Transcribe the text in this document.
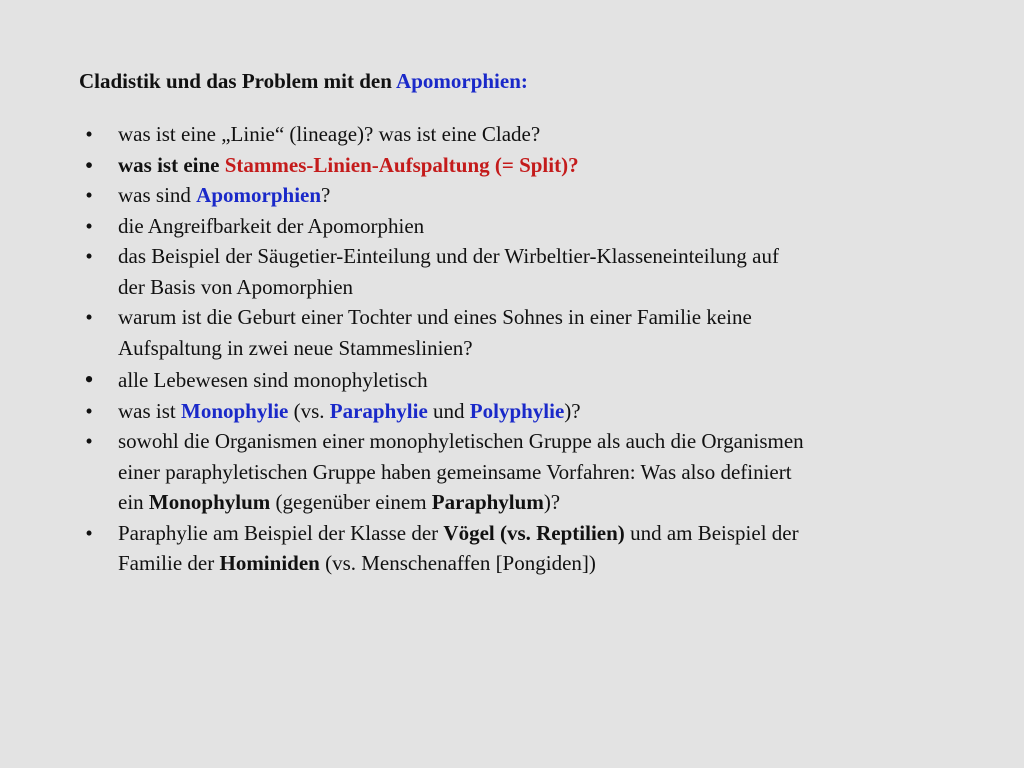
Cladistik und das Problem mit den Apomorphien:
•	was ist eine „Linie“ (lineage)? was ist eine Clade?
•	was ist eine Stammes-Linien-Aufspaltung (= Split)?
•	was sind Apomorphien?
•	die Angreifbarkeit der Apomorphien
•	das Beispiel der Säugetier-Einteilung und der Wirbeltier-Klasseneinteilung auf
der Basis von Apomorphien
•	warum ist die Geburt einer Tochter und eines Sohnes in einer Familie keine
Aufspaltung in zwei neue Stammeslinien?
• alle Lebewesen sind monophyletisch
•	was ist Monophylie (vs. Paraphylie und Polyphylie)?
•	sowohl die Organismen einer monophyletischen Gruppe als auch die Organismen
einer paraphyletischen Gruppe haben gemeinsame Vorfahren: Was also definiert
ein Monophylum (gegenüber einem Paraphylum)?
•	Paraphylie am Beispiel der Klasse der Vögel (vs. Reptilien) und am Beispiel der
Familie der Hominiden (vs. Menschenaffen [Pongiden])
